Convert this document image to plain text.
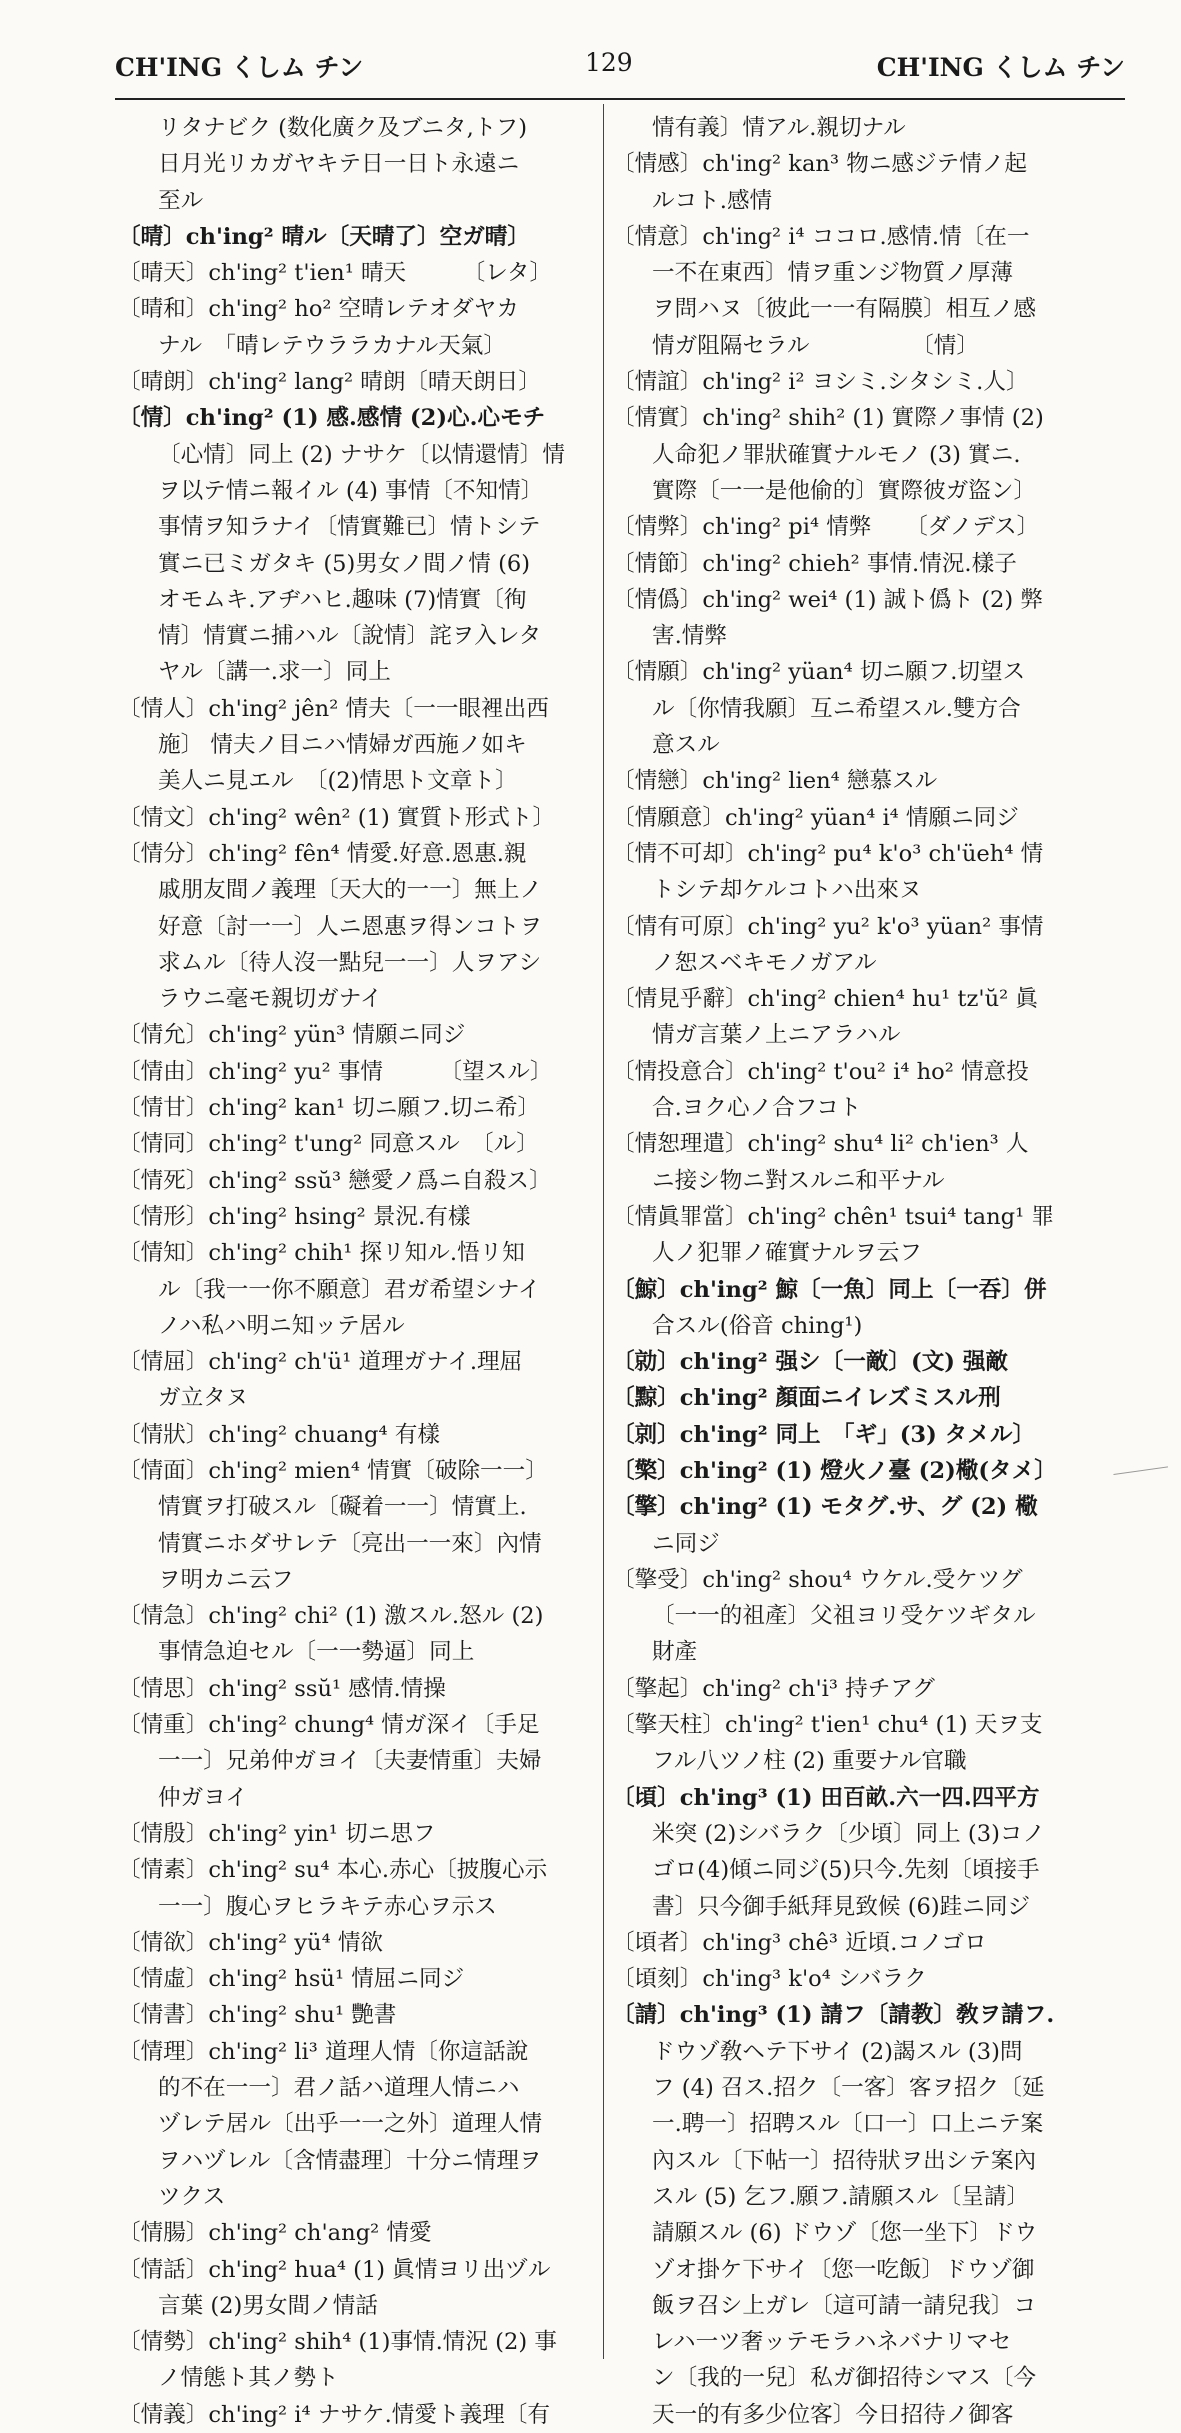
CH'ING くしム チン	129	CH'ING くしム チン
リタナビク (数化廣ク及ブニタ,トフ)
日月光リカガヤキテ日一日ト永遠ニ
至ル
〔晴〕ch'ing² 晴ル〔天晴了〕空ガ晴〕
〔晴天〕ch'ing² t'ien¹ 晴天　　　〔レタ〕
〔晴和〕ch'ing² ho² 空晴レテオダヤカ
ナル　「晴レテウララカナル天氣〕
〔晴朗〕ch'ing² lang² 晴朗〔晴天朗日〕
〔情〕ch'ing² (1) 感.感情 (2)心.心モチ
〔心情〕同上 (2) ナサケ〔以情還情〕情
ヲ以テ情ニ報イル (4) 事情〔不知情〕
事情ヲ知ラナイ〔情實難已〕情トシテ
實ニ已ミガタキ (5)男女ノ間ノ情 (6)
オモムキ.アヂハヒ.趣味 (7)情實〔徇
情〕情實ニ捕ハル〔說情〕詫ヲ入レタ
ヤル〔講一.求一〕同上
〔情人〕ch'ing² jên² 情夫〔一一眼裡出西
施〕 情夫ノ目ニハ情婦ガ西施ノ如キ
美人ニ見エル　〔(2)情思ト文章ト〕
〔情文〕ch'ing² wên² (1) 實質ト形式ト〕
〔情分〕ch'ing² fên⁴ 情愛.好意.恩惠.親
戚朋友間ノ義理〔天大的一一〕無上ノ
好意〔討一一〕人ニ恩惠ヲ得ンコトヲ
求ムル〔待人沒一點兒一一〕人ヲアシ
ラウニ毫モ親切ガナイ
〔情允〕ch'ing² yün³ 情願ニ同ジ
〔情由〕ch'ing² yu² 事情　　　〔望スル〕
〔情甘〕ch'ing² kan¹ 切ニ願フ.切ニ希〕
〔情同〕ch'ing² t'ung² 同意スル　〔ル〕
〔情死〕ch'ing² ssŭ³ 戀愛ノ爲ニ自殺ス〕
〔情形〕ch'ing² hsing² 景況.有樣
〔情知〕ch'ing² chih¹ 探リ知ル.悟リ知
ル〔我一一你不願意〕君ガ希望シナイ
ノハ私ハ明ニ知ッテ居ル
〔情屈〕ch'ing² ch'ü¹ 道理ガナイ.理屈
ガ立タヌ
〔情狀〕ch'ing² chuang⁴ 有樣
〔情面〕ch'ing² mien⁴ 情實〔破除一一〕
情實ヲ打破スル〔礙着一一〕情實上.
情實ニホダサレテ〔亮出一一來〕內情
ヲ明カニ云フ
〔情急〕ch'ing² chi² (1) 激スル.怒ル (2)
事情急迫セル〔一一勢逼〕同上
〔情思〕ch'ing² ssŭ¹ 感情.情操
〔情重〕ch'ing² chung⁴ 情ガ深イ〔手足
一一〕兄弟仲ガヨイ〔夫妻情重〕夫婦
仲ガヨイ
〔情殷〕ch'ing² yin¹ 切ニ思フ
〔情素〕ch'ing² su⁴ 本心.赤心〔披腹心示
一一〕腹心ヲヒラキテ赤心ヲ示ス
〔情欲〕ch'ing² yü⁴ 情欲
〔情虛〕ch'ing² hsü¹ 情屈ニ同ジ
〔情書〕ch'ing² shu¹ 艷書
〔情理〕ch'ing² li³ 道理人情〔你這話說
的不在一一〕君ノ話ハ道理人情ニハ
ヅレテ居ル〔出乎一一之外〕道理人情
ヲハヅレル〔含情盡理〕十分ニ情理ヲ
ツクス
〔情腸〕ch'ing² ch'ang² 情愛
〔情話〕ch'ing² hua⁴ (1) 眞情ヨリ出ヅル
言葉 (2)男女間ノ情話
〔情勢〕ch'ing² shih⁴ (1)事情.情況 (2) 事
ノ情態ト其ノ勢ト
〔情義〕ch'ing² i⁴ ナサケ.情愛ト義理〔有
情有義〕情アル.親切ナル
〔情感〕ch'ing² kan³ 物ニ感ジテ情ノ起
ルコト.感情
〔情意〕ch'ing² i⁴ ココロ.感情.情〔在一
一不在東西〕情ヲ重ンジ物質ノ厚薄
ヲ問ハヌ〔彼此一一有隔膜〕相互ノ感
情ガ阻隔セラル　　　　　〔情〕
〔情誼〕ch'ing² i² ヨシミ.シタシミ.人〕
〔情實〕ch'ing² shih² (1) 實際ノ事情 (2)
人命犯ノ罪狀確實ナルモノ (3) 實ニ.
實際〔一一是他偷的〕實際彼ガ盜ン〕
〔情弊〕ch'ing² pi⁴ 情弊　　〔ダノデス〕
〔情節〕ch'ing² chieh² 事情.情況.樣子
〔情僞〕ch'ing² wei⁴ (1) 誠ト僞ト (2) 弊
害.情弊
〔情願〕ch'ing² yüan⁴ 切ニ願フ.切望ス
ル〔你情我願〕互ニ希望スル.雙方合
意スル
〔情戀〕ch'ing² lien⁴ 戀慕スル
〔情願意〕ch'ing² yüan⁴ i⁴ 情願ニ同ジ
〔情不可却〕ch'ing² pu⁴ k'o³ ch'üeh⁴ 情
トシテ却ケルコトハ出來ヌ
〔情有可原〕ch'ing² yu² k'o³ yüan² 事情
ノ恕スベキモノガアル
〔情見乎辭〕ch'ing² chien⁴ hu¹ tz'ŭ² 眞
情ガ言葉ノ上ニアラハル
〔情投意合〕ch'ing² t'ou² i⁴ ho² 情意投
合.ヨク心ノ合フコト
〔情恕理遣〕ch'ing² shu⁴ li² ch'ien³ 人
ニ接シ物ニ對スルニ和平ナル
〔情眞罪當〕ch'ing² chên¹ tsui⁴ tang¹ 罪
人ノ犯罪ノ確實ナルヲ云フ
〔鯨〕ch'ing² 鯨〔一魚〕同上〔一吞〕併
合スル(俗音 ching¹)
〔勍〕ch'ing² 强シ〔一敵〕(文) 强敵
〔黥〕ch'ing² 顏面ニイレズミスル刑
〔剠〕ch'ing² 同上　「ギ」(3) タメル〕
〔檠〕ch'ing² (1) 燈火ノ臺 (2)㯳(タメ〕
〔擎〕ch'ing² (1) モタグ.サ、グ (2) 㯳
ニ同ジ
〔擎受〕ch'ing² shou⁴ ウケル.受ケツグ
〔一一的祖產〕父祖ヨリ受ケツギタル
財產
〔擎起〕ch'ing² ch'i³ 持チアグ
〔擎天柱〕ch'ing² t'ien¹ chu⁴ (1) 天ヲ支
フル八ツノ柱 (2) 重要ナル官職
〔頃〕ch'ing³ (1) 田百畝.六一四.四平方
米突 (2)シバラク〔少頃〕同上 (3)コノ
ゴロ(4)傾ニ同ジ(5)只今.先刻〔頃接手
書〕只今御手紙拜見致候 (6)跬ニ同ジ
〔頃者〕ch'ing³ chê³ 近頃.コノゴロ
〔頃刻〕ch'ing³ k'o⁴ シバラク
〔請〕ch'ing³ (1) 請フ〔請教〕敎ヲ請フ.
ドウゾ敎ヘテ下サイ (2)謁スル (3)問
フ (4) 召ス.招ク〔一客〕客ヲ招ク〔延
一.聘一〕招聘スル〔口一〕口上ニテ案
內スル〔下帖一〕招待狀ヲ出シテ案內
スル (5) 乞フ.願フ.請願スル〔呈請〕
請願スル (6) ドウゾ〔您一坐下〕ドウ
ゾオ掛ケ下サイ〔您一吃飯〕ドウゾ御
飯ヲ召シ上ガレ〔這可請一請兒我〕コ
レハ一ツ奢ッテモラハネバナリマセ
ン〔我的一兒〕私ガ御招待シマス〔今
天一的有多少位客〕今日招待ノ御客
